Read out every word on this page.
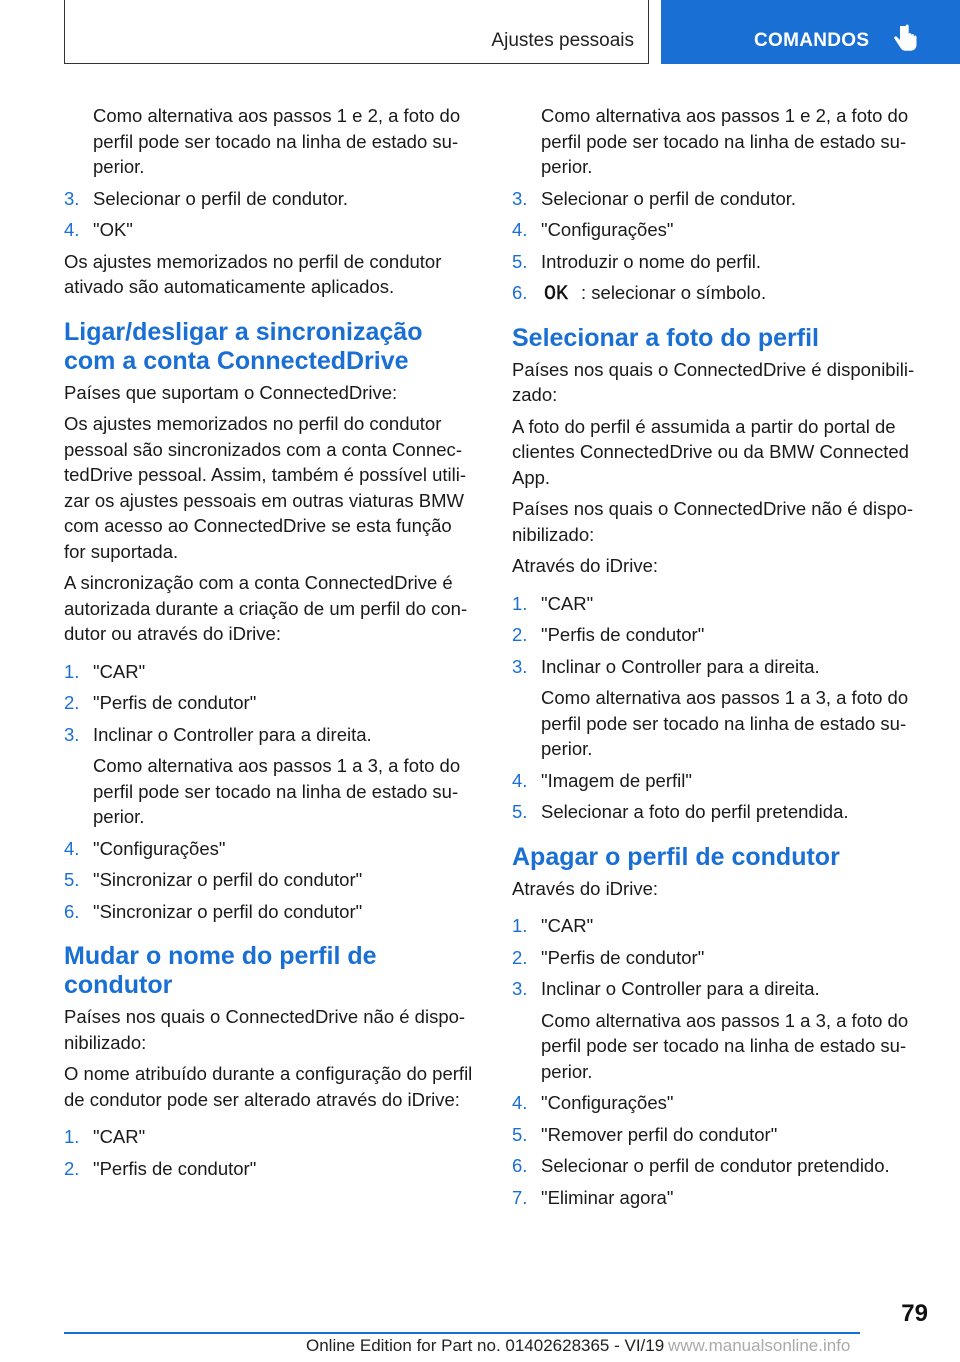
Ajustes pessoais	COMANDOS

Como alternativa aos passos 1 e 2, a foto do perfil pode ser tocado na linha de estado superior.

3. Selecionar o perfil de condutor.
4. "OK"

Os ajustes memorizados no perfil de condutor ativado são automaticamente aplicados.

Ligar/desligar a sincronização com a conta ConnectedDrive

Países que suportam o ConnectedDrive:

Os ajustes memorizados no perfil do condutor pessoal são sincronizados com a conta ConnectedDrive pessoal. Assim, também é possível utilizar os ajustes pessoais em outras viaturas BMW com acesso ao ConnectedDrive se esta função for suportada.

A sincronização com a conta ConnectedDrive é autorizada durante a criação de um perfil do condutor ou através do iDrive:

1. "CAR"
2. "Perfis de condutor"
3. Inclinar o Controller para a direita.

Como alternativa aos passos 1 a 3, a foto do perfil pode ser tocado na linha de estado superior.

4. "Configurações"
5. "Sincronizar o perfil do condutor"
6. "Sincronizar o perfil do condutor"
Mudar o nome do perfil de condutor

Países nos quais o ConnectedDrive não é disponibilizado:

O nome atribuído durante a configuração do perfil de condutor pode ser alterado através do iDrive:

1. "CAR"
2. "Perfis de condutor"

Como alternativa aos passos 1 e 2, a foto do perfil pode ser tocado na linha de estado superior.

3. Selecionar o perfil de condutor.
4. "Configurações"
5. Introduzir o nome do perfil.
6. OK : selecionar o símbolo.
Selecionar a foto do perfil

Países nos quais o ConnectedDrive é disponibilizado:

A foto do perfil é assumida a partir do portal de clientes ConnectedDrive ou da BMW Connected App.

Países nos quais o ConnectedDrive não é disponibilizado:

Através do iDrive:

1. "CAR"
2. "Perfis de condutor"
3. Inclinar o Controller para a direita.

Como alternativa aos passos 1 a 3, a foto do perfil pode ser tocado na linha de estado superior.

4. "Imagem de perfil"
5. Selecionar a foto do perfil pretendida.
Apagar o perfil de condutor

Através do iDrive:

1. "CAR"
2. "Perfis de condutor"
3. Inclinar o Controller para a direita.

Como alternativa aos passos 1 a 3, a foto do perfil pode ser tocado na linha de estado superior.

4. "Configurações"
5. "Remover perfil do condutor"
6. Selecionar o perfil de condutor pretendido.
7. "Eliminar agora"
79
Online Edition for Part no. 01402628365 - VI/19 www.manualsonline.info
